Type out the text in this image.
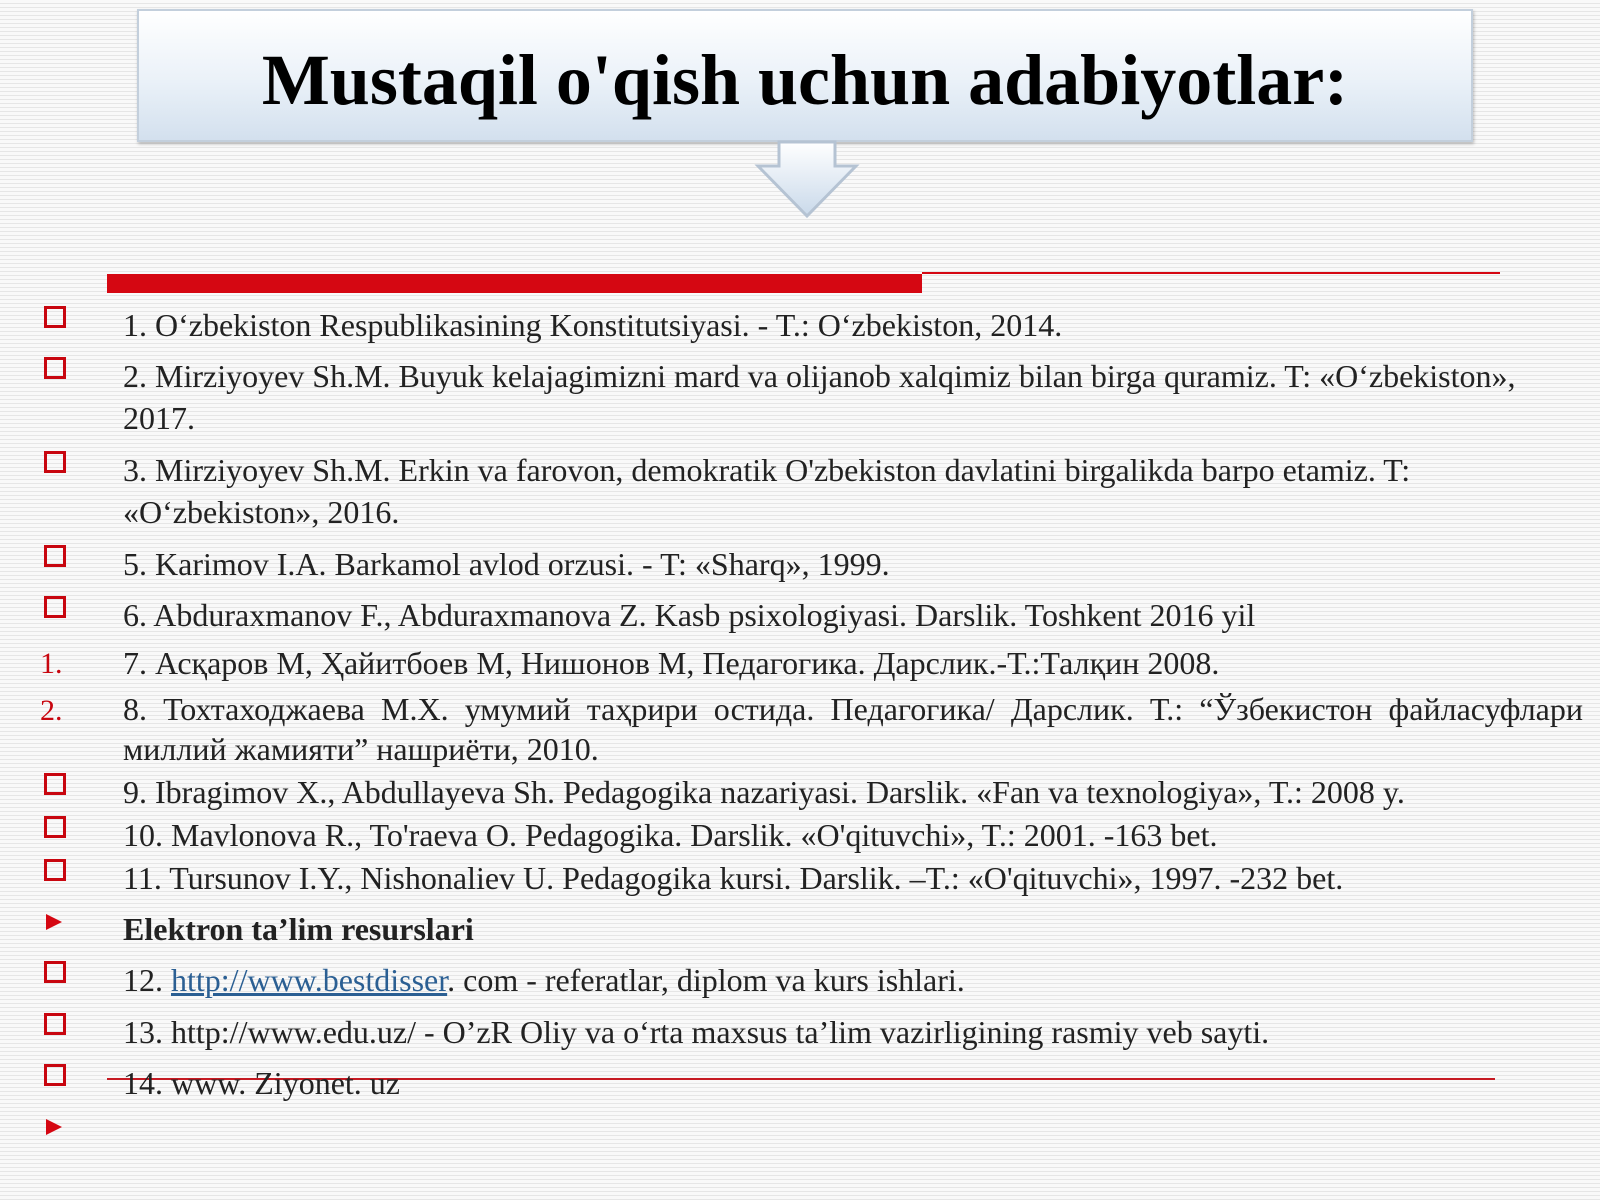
Mustaqil o'qish uchun adabiyotlar:
1. O‘zbekiston Respublikasining Konstitutsiyasi. - T.: O‘zbekiston, 2014.
2. Mirziyoyev Sh.M. Buyuk kelajagimizni mard va olijanob xalqimiz bilan birga quramiz. T: «O‘zbekiston», 2017.
3. Mirziyoyev Sh.M. Erkin va farovon, demokratik O'zbekiston davlatini birgalikda barpo etamiz. T: «O‘zbekiston», 2016.
5. Karimov I.A. Barkamol avlod orzusi. - T: «Sharq», 1999.
6. Abduraxmanov F., Abduraxmanova Z. Kasb psixologiyasi. Darslik. Toshkent 2016 yil
1. 7. Асқаров М, Ҳайитбоев М, Нишонов М, Педагогика. Дарслик.-Т.:Талқин 2008.
2. 8. Тохтаходжаева М.Х. умумий таҳрири остида. Педагогика/ Дарслик. Т.: “Ўзбекистон файласуфлари миллий жамияти” нашриёти, 2010.
9. Ibragimov X., Abdullayeva Sh. Pedagogika nazariyasi. Darslik. «Fan va texnologiya», T.: 2008 y.
10. Mavlonova R., To'raeva O. Pedagogika. Darslik. «O'qituvchi», T.: 2001. -163 bet.
11. Tursunov I.Y., Nishonaliev U. Pedagogika kursi. Darslik. –T.: «O'qituvchi», 1997. -232 bet.
Elektron ta’lim resurslari
12. http://www.bestdisser. com - referatlar, diplom va kurs ishlari.
13. http://www.edu.uz/ - O’zR Oliy va o‘rta maxsus ta’lim vazirligining rasmiy veb sayti.
14. www. Ziyonet. uz
